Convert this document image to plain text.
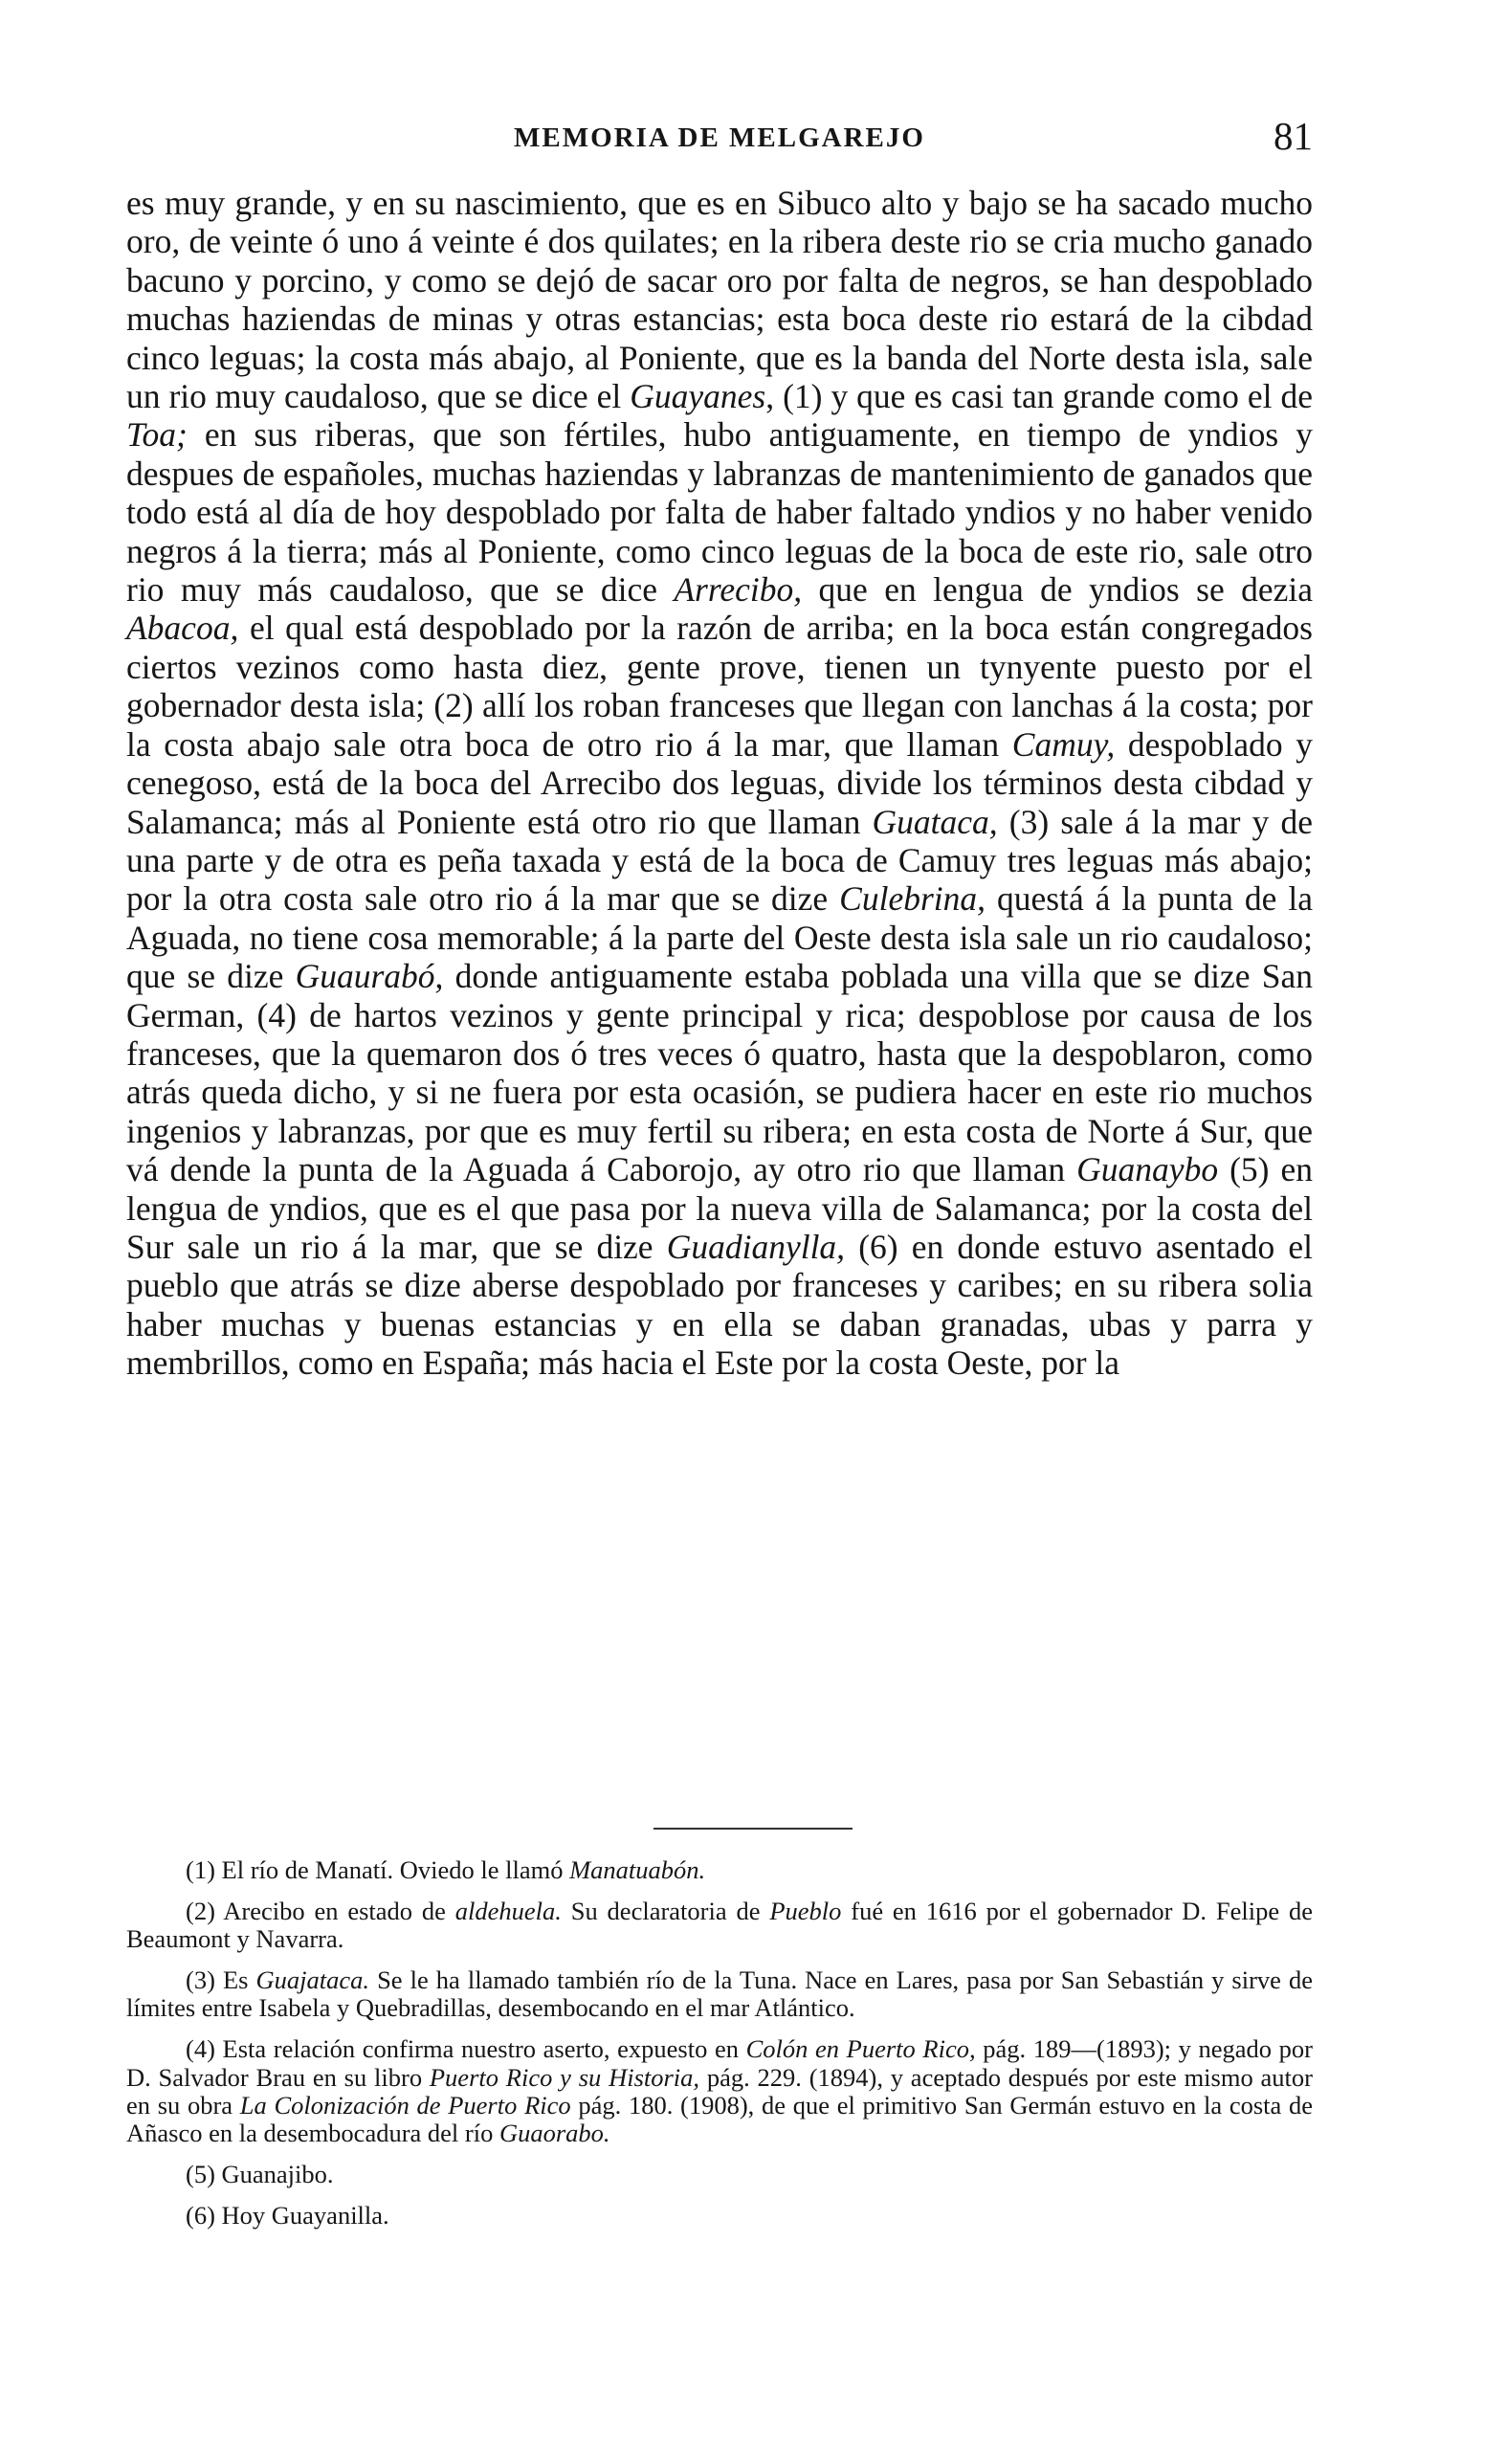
MEMORIA DE MELGAREJO	81

es muy grande, y en su nascimiento, que es en Sibuco alto y bajo se ha sacado mucho oro, de veinte ó uno á veinte é dos quilates; en la ribera deste rio se cria mucho ganado bacuno y porcino, y como se dejó de sacar oro por falta de negros, se han despoblado muchas haziendas de minas y otras estancias; esta boca deste rio estará de la cibdad cinco leguas; la costa más abajo, al Poniente, que es la banda del Norte desta isla, sale un rio muy caudaloso, que se dice el Guayanes, (1) y que es casi tan grande como el de Toa; en sus riberas, que son fértiles, hubo antiguamente, en tiempo de yndios y despues de españoles, muchas haziendas y labranzas de mantenimiento de ganados que todo está al día de hoy despoblado por falta de haber faltado yndios y no haber venido negros á la tierra; más al Poniente, como cinco leguas de la boca de este rio, sale otro rio muy más caudaloso, que se dice Arrecibo, que en lengua de yndios se dezia Abacoa, el qual está despoblado por la razón de arriba; en la boca están congregados ciertos vezinos como hasta diez, gente prove, tienen un tynyente puesto por el gobernador desta isla; (2) allí los roban franceses que llegan con lanchas á la costa; por la costa abajo sale otra boca de otro rio á la mar, que llaman Camuy, despoblado y cenegoso, está de la boca del Arrecibo dos leguas, divide los términos desta cibdad y Salamanca; más al Poniente está otro rio que llaman Guataca, (3) sale á la mar y de una parte y de otra es peña taxada y está de la boca de Camuy tres leguas más abajo; por la otra costa sale otro rio á la mar que se dize Culebrina, questá á la punta de la Aguada, no tiene cosa memorable; á la parte del Oeste desta isla sale un rio caudaloso; que se dize Guaurabó, donde antiguamente estaba poblada una villa que se dize San German, (4) de hartos vezinos y gente principal y rica; despoblose por causa de los franceses, que la quemaron dos ó tres veces ó quatro, hasta que la despoblaron, como atrás queda dicho, y si ne fuera por esta ocasión, se pudiera hacer en este rio muchos ingenios y labranzas, por que es muy fertil su ribera; en esta costa de Norte á Sur, que vá dende la punta de la Aguada á Caborojo, ay otro rio que llaman Guanaybo (5) en lengua de yndios, que es el que pasa por la nueva villa de Salamanca; por la costa del Sur sale un rio á la mar, que se dize Guadianylla, (6) en donde estuvo asentado el pueblo que atrás se dize aberse despoblado por franceses y caribes; en su ribera solia haber muchas y buenas estancias y en ella se daban granadas, ubas y parra y membrillos, como en España; más hacia el Este por la costa Oeste, por la

(1) El río de Manatí. Oviedo le llamó Manatuabón.

(2) Arecibo en estado de aldehuela. Su declaratoria de Pueblo fué en 1616 por el gobernador D. Felipe de Beaumont y Navarra.

(3) Es Guajataca. Se le ha llamado también río de la Tuna. Nace en Lares, pasa por San Sebastián y sirve de límites entre Isabela y Quebradillas, desembocando en el mar Atlántico.

(4) Esta relación confirma nuestro aserto, expuesto en Colón en Puerto Rico, pág. 189—(1893); y negado por D. Salvador Brau en su libro Puerto Rico y su Historia, pág. 229. (1894), y aceptado después por este mismo autor en su obra La Colonización de Puerto Rico pág. 180. (1908), de que el primitivo San Germán estuvo en la costa de Añasco en la desembocadura del río Guaorabo.

(5) Guanajibo.

(6) Hoy Guayanilla.
